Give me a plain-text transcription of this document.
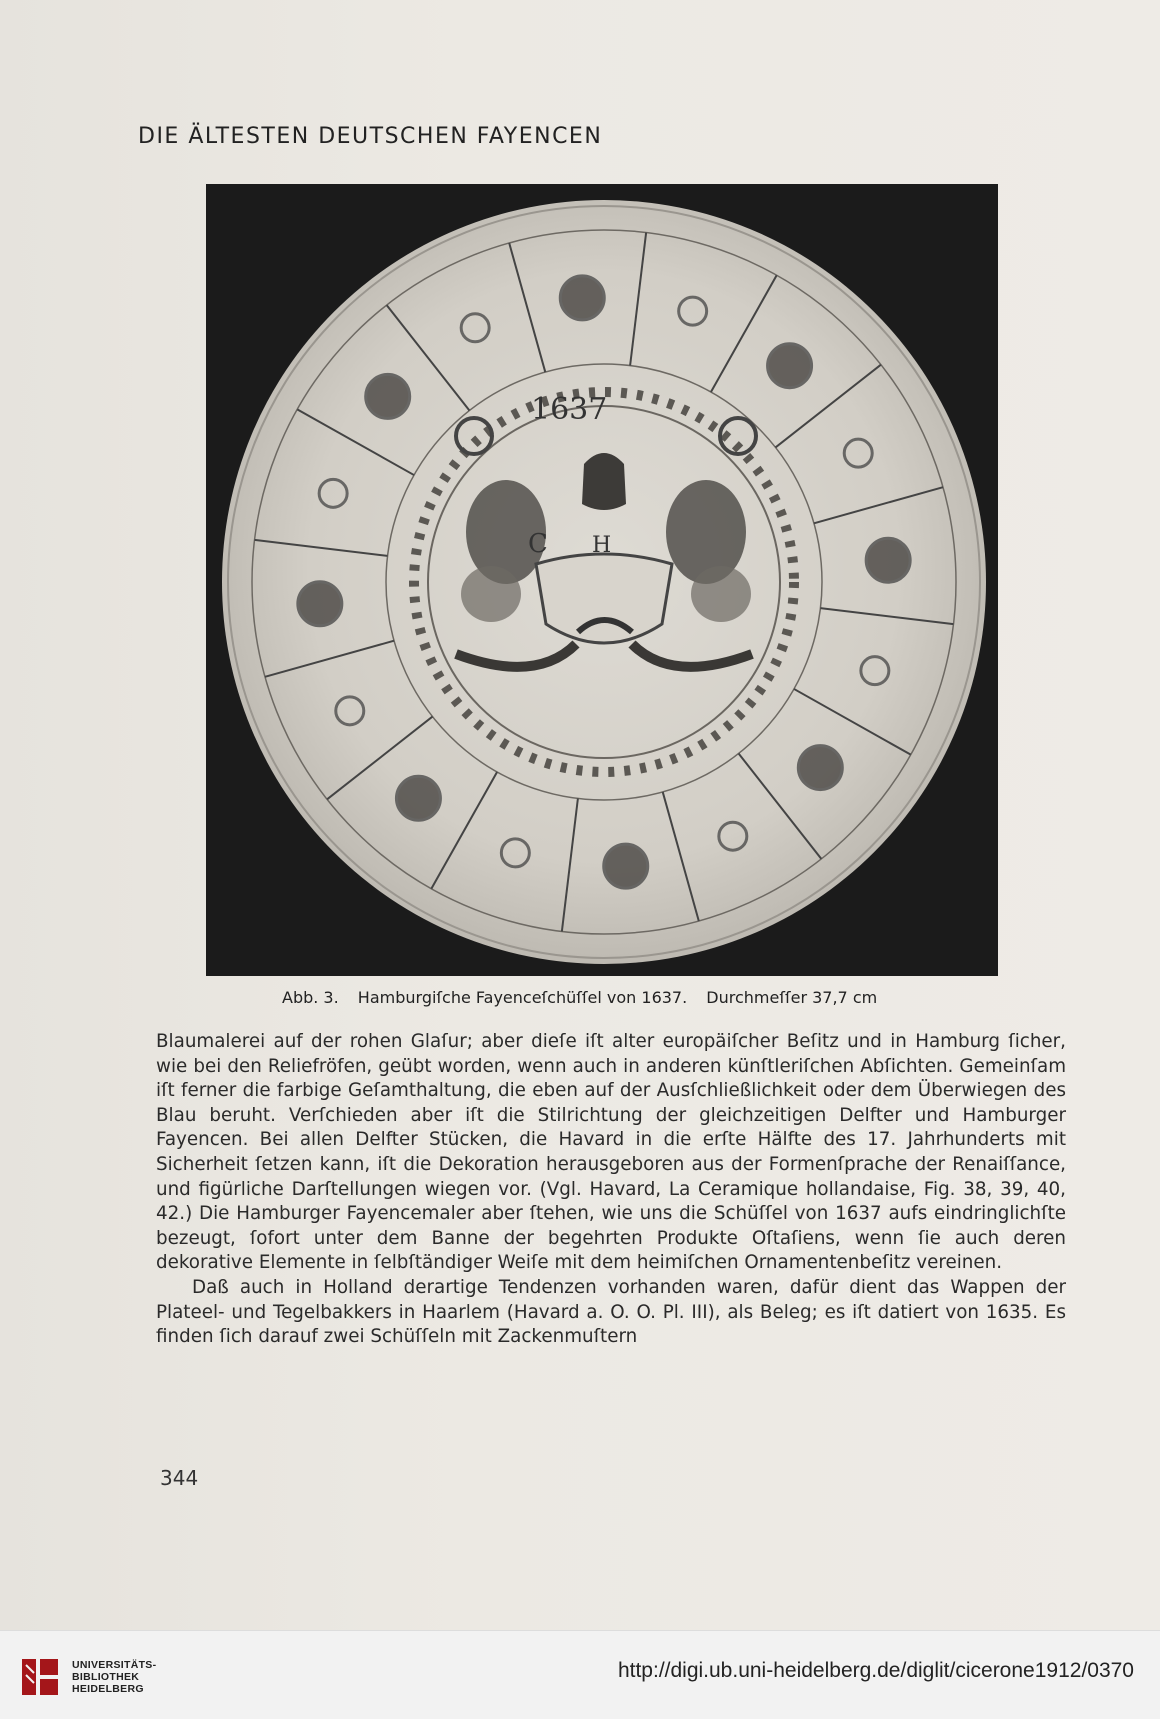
DIE ÄLTESTEN DEUTSCHEN FAYENCEN
1637
C H
Abb. 3. Hamburgiſche Fayenceſchüſſel von 1637. Durchmeſſer 37,7 cm

Blaumalerei auf der rohen Glaſur; aber dieſe iſt alter europäiſcher Beſitz und in Hamburg ſicher, wie bei den Reliefröfen, geübt worden, wenn auch in anderen künſtleriſchen Abſichten. Gemeinſam iſt ferner die farbige Geſamthaltung, die eben auf der Ausſchließlichkeit oder dem Überwiegen des Blau beruht. Verſchieden aber iſt die Stilrichtung der gleichzeitigen Delfter und Hamburger Fayencen. Bei allen Delfter Stücken, die Havard in die erſte Hälfte des 17. Jahrhunderts mit Sicherheit ſetzen kann, iſt die Dekoration herausgeboren aus der Formenſprache der Renaiſſance, und figürliche Darſtellungen wiegen vor. (Vgl. Havard, La Ceramique hollandaise, Fig. 38, 39, 40, 42.) Die Hamburger Fayencemaler aber ſtehen, wie uns die Schüſſel von 1637 aufs eindringlichſte bezeugt, ſofort unter dem Banne der begehrten Produkte Oſtaſiens, wenn ſie auch deren dekorative Elemente in ſelbſtändiger Weiſe mit dem heimiſchen Ornamentenbeſitz vereinen.

Daß auch in Holland derartige Tendenzen vorhanden waren, dafür dient das Wappen der Plateel- und Tegelbakkers in Haarlem (Havard a. O. O. Pl. III), als Beleg; es iſt datiert von 1635. Es finden ſich darauf zwei Schüſſeln mit Zackenmuſtern

344
UNIVERSITÄTS-
BIBLIOTHEK
HEIDELBERG
http://digi.ub.uni-heidelberg.de/diglit/cicerone1912/0370
